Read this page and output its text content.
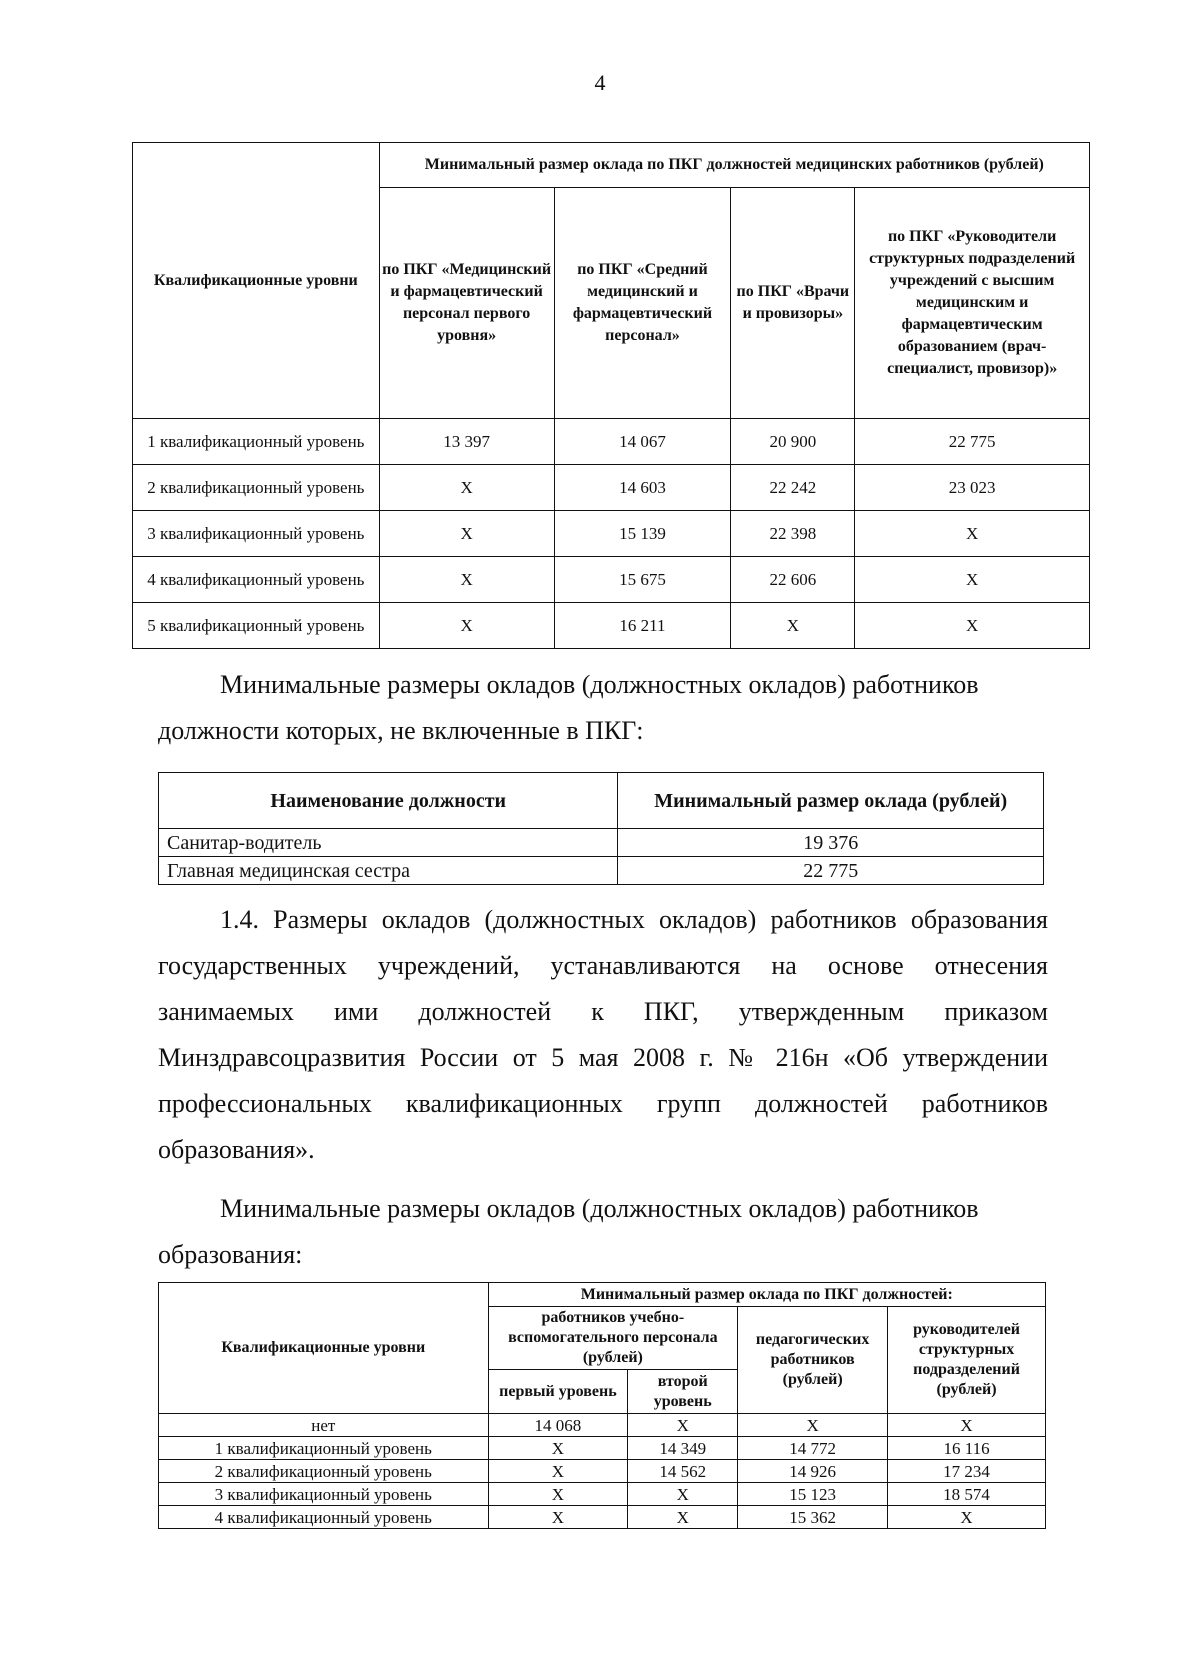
4
Квалификационные уровни	Минимальный размер оклада по ПКГ должностей медицинских работников (рублей)			
	по ПКГ «Медицинский и фармацевтический персонал первого уровня»	по ПКГ «Средний медицинский и фармацевтический персонал»	по ПКГ «Врачи и провизоры»	по ПКГ «Руководители структурных подразделений учреждений с высшим медицинским и фармацевтическим образованием (врач-специалист, провизор)»
1 квалификационный уровень	13 397	14 067	20 900	22 775
2 квалификационный уровень	Х	14 603	22 242	23 023
3 квалификационный уровень	Х	15 139	22 398	Х
4 квалификационный уровень	Х	15 675	22 606	Х
5 квалификационный уровень	Х	16 211	Х	Х

Минимальные размеры окладов (должностных окладов) работников должности которых, не включенные в ПКГ:

Наименование должности	Минимальный размер оклада (рублей)
Санитар-водитель	19 376
Главная медицинская сестра	22 775

1.4. Размеры окладов (должностных окладов) работников образования государственных учреждений, устанавливаются на основе отнесения занимаемых ими должностей к ПКГ, утвержденным приказом Минздравсоцразвития России от 5 мая 2008 г. № 216н «Об утверждении профессиональных квалификационных групп должностей работников образования».

Минимальные размеры окладов (должностных окладов) работников образования:

Квалификационные уровни	Минимальный размер оклада по ПКГ должностей:			
	работников учебно-вспомогательного персонала (рублей)		педагогических работников (рублей)	руководителей структурных подразделений (рублей)
	первый уровень	второй уровень		
нет	14 068	Х	Х	Х
1 квалификационный уровень	Х	14 349	14 772	16 116
2 квалификационный уровень	Х	14 562	14 926	17 234
3 квалификационный уровень	Х	Х	15 123	18 574
4 квалификационный уровень	Х	Х	15 362	Х
